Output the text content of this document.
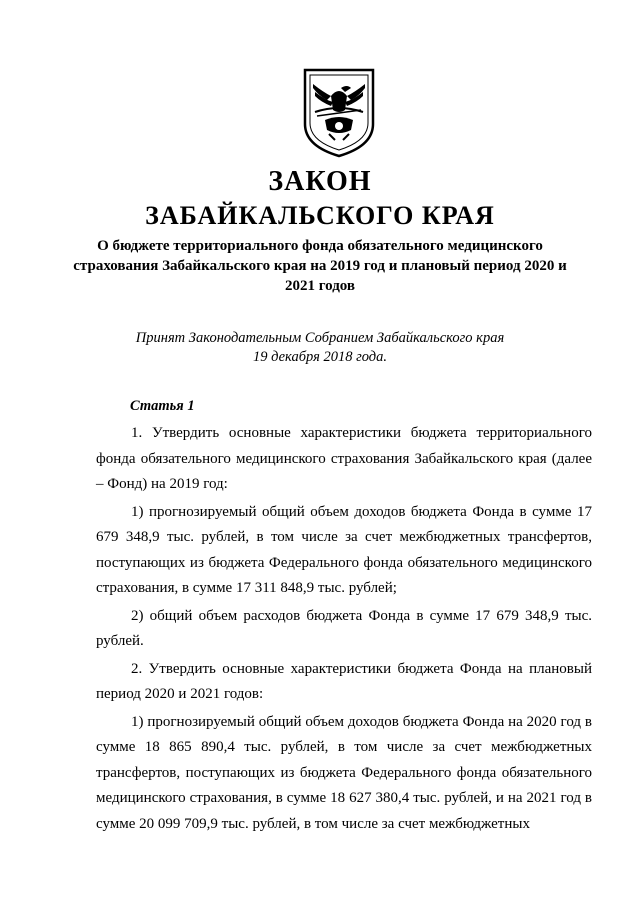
ЗАКОН
ЗАБАЙКАЛЬСКОГО КРАЯ
О бюджете территориального фонда обязательного медицинского страхования Забайкальского края на 2019 год и плановый период 2020 и 2021 годов
Принят Законодательным Собранием Забайкальского края
19 декабря 2018 года.
Статья 1

1. Утвердить основные характеристики бюджета территориального фонда обязательного медицинского страхования Забайкальского края (далее – Фонд) на 2019 год:

1) прогнозируемый общий объем доходов бюджета Фонда в сумме 17 679 348,9 тыс. рублей, в том числе за счет межбюджетных трансфертов, поступающих из бюджета Федерального фонда обязательного медицинского страхования, в сумме 17 311 848,9 тыс. рублей;

2) общий объем расходов бюджета Фонда в сумме 17 679 348,9 тыс. рублей.

2. Утвердить основные характеристики бюджета Фонда на плановый период 2020 и 2021 годов:

1) прогнозируемый общий объем доходов бюджета Фонда на 2020 год в сумме 18 865 890,4 тыс. рублей, в том числе за счет межбюджетных трансфертов, поступающих из бюджета Федерального фонда обязательного медицинского страхования, в сумме 18 627 380,4 тыс. рублей, и на 2021 год в сумме 20 099 709,9 тыс. рублей, в том числе за счет межбюджетных
